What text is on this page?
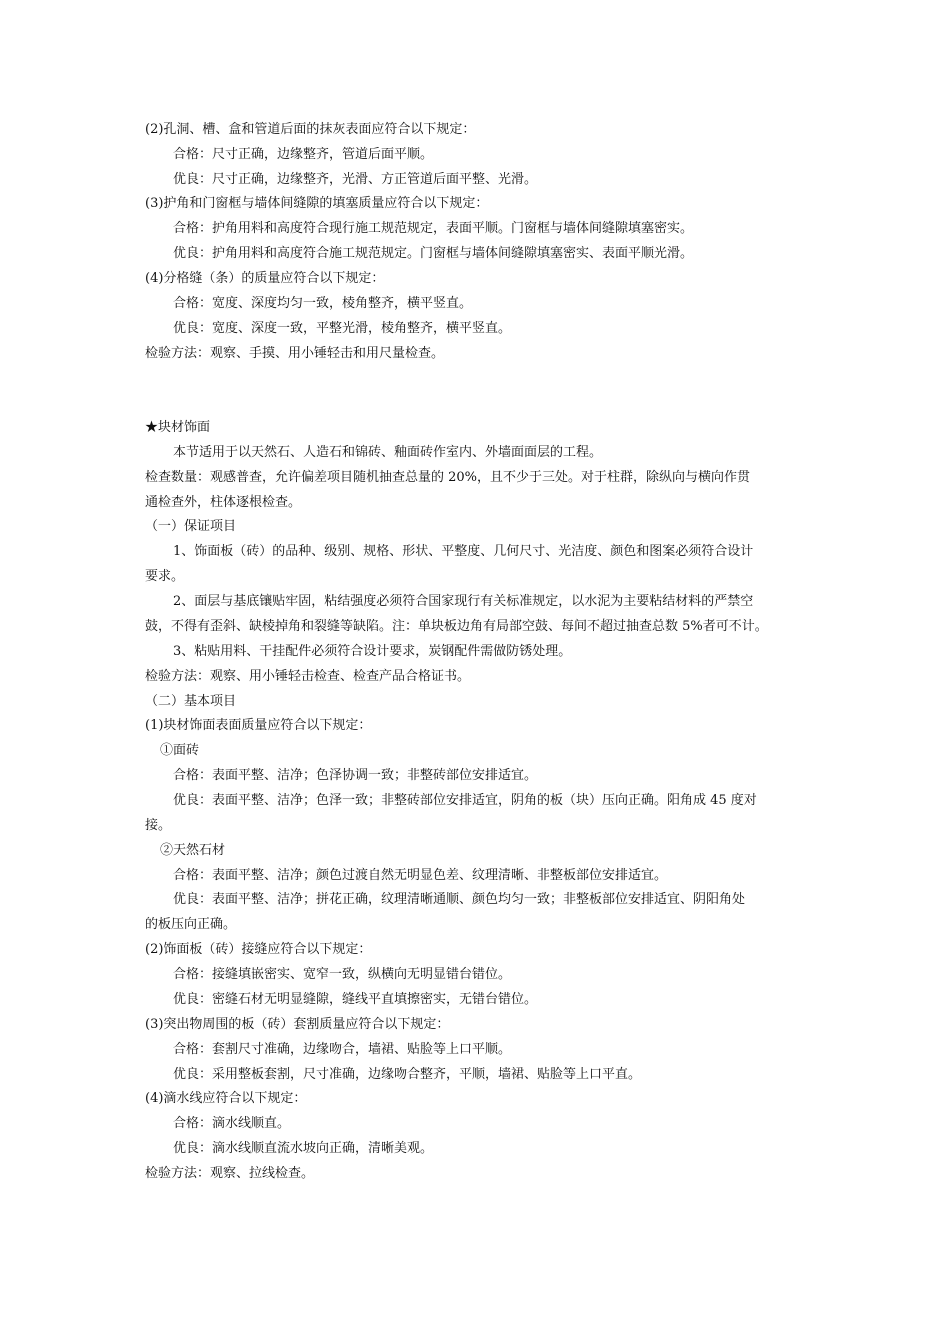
(2)孔洞、槽、盒和管道后面的抹灰表面应符合以下规定：
合格：尺寸正确，边缘整齐，管道后面平顺。
优良：尺寸正确，边缘整齐，光滑、方正管道后面平整、光滑。
(3)护角和门窗框与墙体间缝隙的填塞质量应符合以下规定：
合格：护角用料和高度符合现行施工规范规定，表面平顺。门窗框与墙体间缝隙填塞密实。
优良：护角用料和高度符合施工规范规定。门窗框与墙体间缝隙填塞密实、表面平顺光滑。
(4)分格缝（条）的质量应符合以下规定：
合格：宽度、深度均匀一致，棱角整齐，横平竖直。
优良：宽度、深度一致，平整光滑，棱角整齐，横平竖直。
检验方法：观察、手摸、用小锤轻击和用尺量检查。
★块材饰面
本节适用于以天然石、人造石和锦砖、釉面砖作室内、外墙面面层的工程。
检查数量：观感普查，允许偏差项目随机抽查总量的 20%，且不少于三处。对于柱群，除纵向与横向作贯
通检查外，柱体逐根检查。
（一）保证项目
1、饰面板（砖）的品种、级别、规格、形状、平整度、几何尺寸、光洁度、颜色和图案必须符合设计
要求。
2、面层与基底镶贴牢固，粘结强度必须符合国家现行有关标准规定，以水泥为主要粘结材料的严禁空
鼓，不得有歪斜、缺棱掉角和裂缝等缺陷。注：单块板边角有局部空鼓、每间不超过抽查总数 5%者可不计。
3、粘贴用料、干挂配件必须符合设计要求，炭钢配件需做防锈处理。
检验方法：观察、用小锤轻击检查、检查产品合格证书。
（二）基本项目
(1)块材饰面表面质量应符合以下规定：
①面砖
合格：表面平整、洁净；色泽协调一致；非整砖部位安排适宜。
优良：表面平整、洁净；色泽一致；非整砖部位安排适宜，阴角的板（块）压向正确。阳角成 45 度对
接。
②天然石材
合格：表面平整、洁净；颜色过渡自然无明显色差、纹理清晰、非整板部位安排适宜。
优良：表面平整、洁净；拼花正确，纹理清晰通顺、颜色均匀一致；非整板部位安排适宜、阴阳角处
的板压向正确。
(2)饰面板（砖）接缝应符合以下规定：
合格：接缝填嵌密实、宽窄一致，纵横向无明显错台错位。
优良：密缝石材无明显缝隙，缝线平直填擦密实，无错台错位。
(3)突出物周围的板（砖）套割质量应符合以下规定：
合格：套割尺寸准确，边缘吻合，墙裙、贴脸等上口平顺。
优良：采用整板套割，尺寸准确，边缘吻合整齐，平顺，墙裙、贴脸等上口平直。
(4)滴水线应符合以下规定：
合格：滴水线顺直。
优良：滴水线顺直流水坡向正确，清晰美观。
检验方法：观察、拉线检查。
